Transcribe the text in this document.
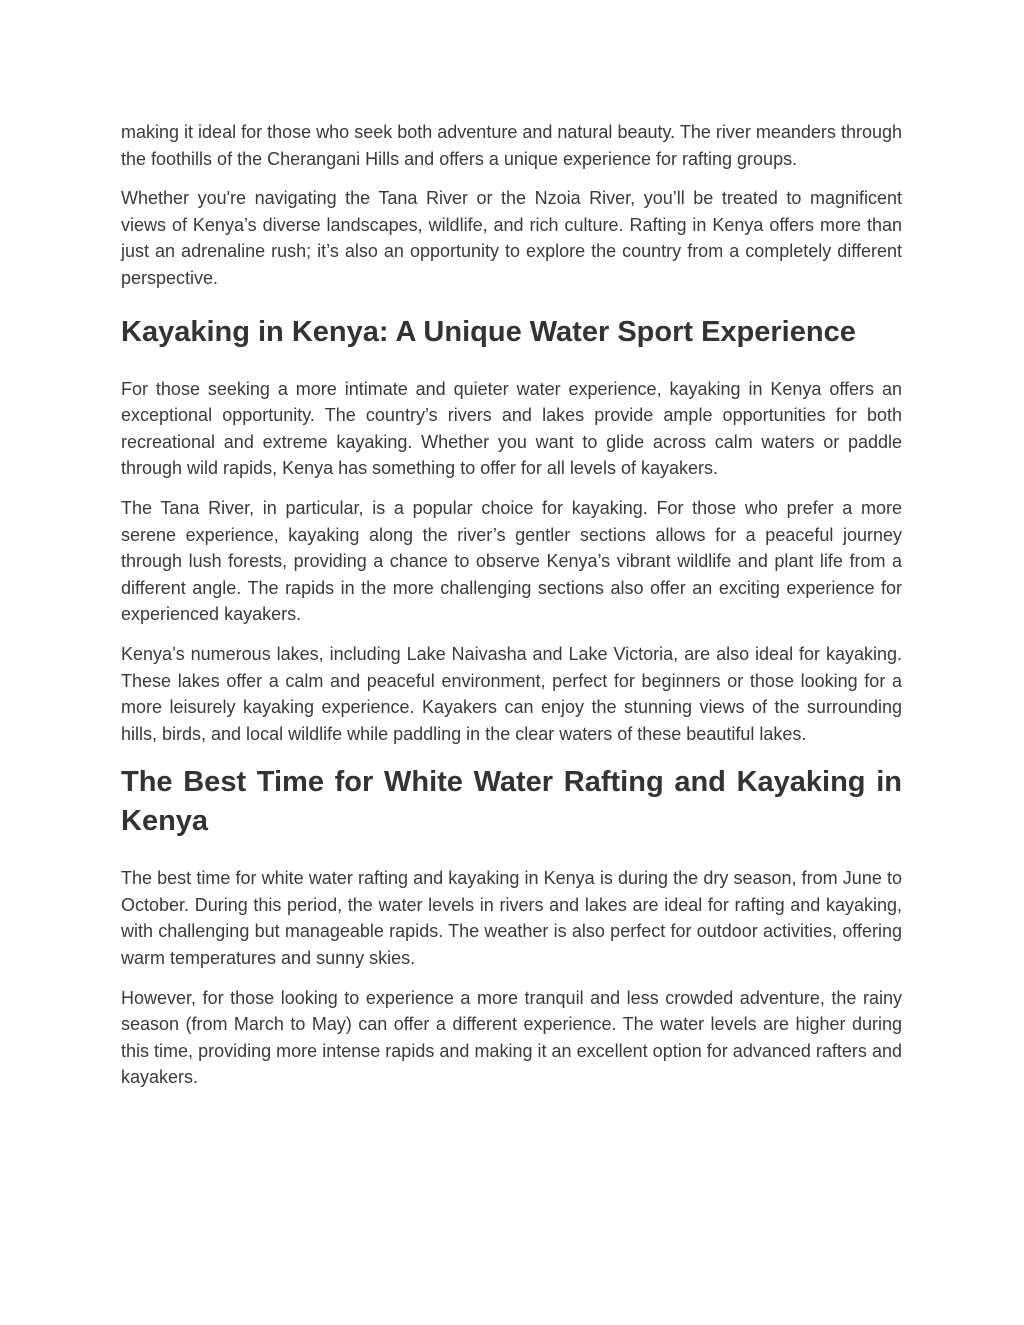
making it ideal for those who seek both adventure and natural beauty. The river meanders through the foothills of the Cherangani Hills and offers a unique experience for rafting groups.

Whether you're navigating the Tana River or the Nzoia River, you’ll be treated to magnificent views of Kenya’s diverse landscapes, wildlife, and rich culture. Rafting in Kenya offers more than just an adrenaline rush; it’s also an opportunity to explore the country from a completely different perspective.

Kayaking in Kenya: A Unique Water Sport Experience

For those seeking a more intimate and quieter water experience, kayaking in Kenya offers an exceptional opportunity. The country’s rivers and lakes provide ample opportunities for both recreational and extreme kayaking. Whether you want to glide across calm waters or paddle through wild rapids, Kenya has something to offer for all levels of kayakers.

The Tana River, in particular, is a popular choice for kayaking. For those who prefer a more serene experience, kayaking along the river’s gentler sections allows for a peaceful journey through lush forests, providing a chance to observe Kenya’s vibrant wildlife and plant life from a different angle. The rapids in the more challenging sections also offer an exciting experience for experienced kayakers.

Kenya’s numerous lakes, including Lake Naivasha and Lake Victoria, are also ideal for kayaking. These lakes offer a calm and peaceful environment, perfect for beginners or those looking for a more leisurely kayaking experience. Kayakers can enjoy the stunning views of the surrounding hills, birds, and local wildlife while paddling in the clear waters of these beautiful lakes.

The Best Time for White Water Rafting and Kayaking in Kenya

The best time for white water rafting and kayaking in Kenya is during the dry season, from June to October. During this period, the water levels in rivers and lakes are ideal for rafting and kayaking, with challenging but manageable rapids. The weather is also perfect for outdoor activities, offering warm temperatures and sunny skies.

However, for those looking to experience a more tranquil and less crowded adventure, the rainy season (from March to May) can offer a different experience. The water levels are higher during this time, providing more intense rapids and making it an excellent option for advanced rafters and kayakers.
